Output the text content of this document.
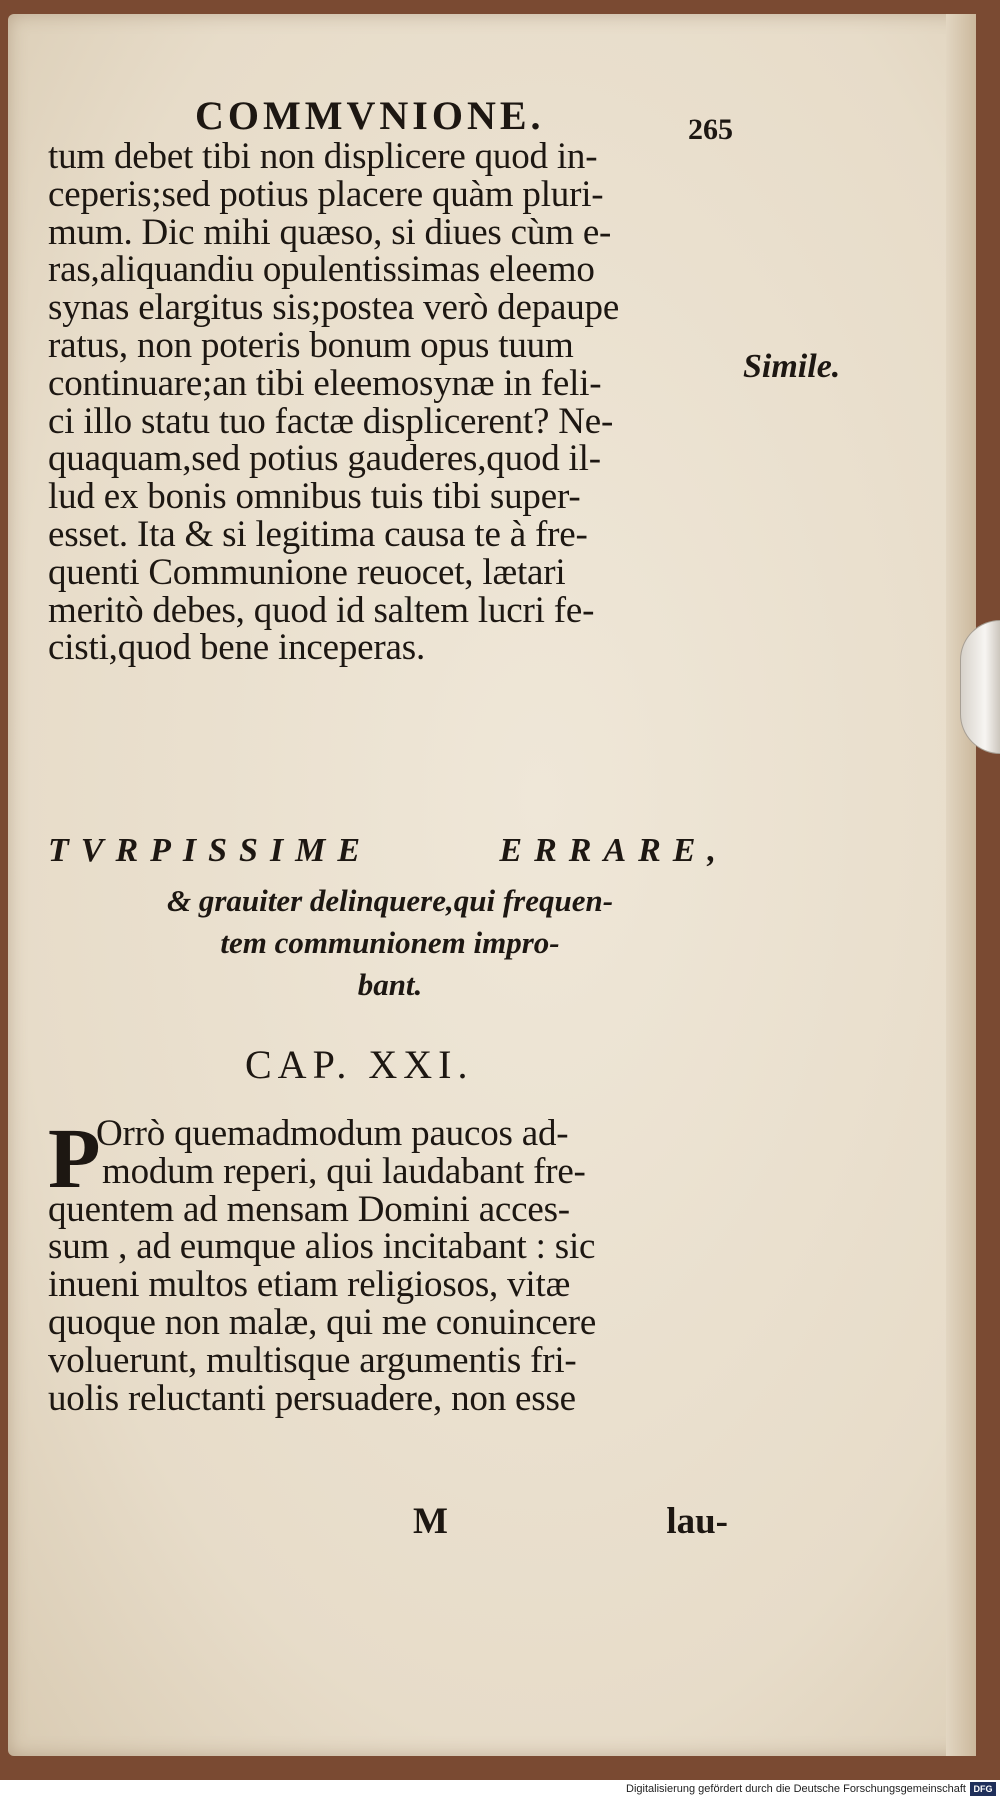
COMMVNIONE.	265
tum debet tibi non displicere quod in-
ceperis;sed potius placere quàm pluri-
mum. Dic mihi quæso, si diues cùm e-
ras,aliquandiu opulentissimas eleemo
synas elargitus sis;postea verò depaupe
ratus, non poteris bonum opus tuum
continuare;an tibi eleemosynæ in feli-
ci illo statu tuo factæ displicerent? Ne-
quaquam,sed potius gauderes,quod il-
lud ex bonis omnibus tuis tibi super-
esset. Ita & si legitima causa te à fre-
quenti Communione reuocet, lætari
meritò debes, quod id saltem lucri fe-
cisti,quod bene inceperas.
Simile.
TVRPISSIME	ERRARE,
& grauiter delinquere,qui frequen-
tem communionem impro-
bant.
CAP. XXI.
P
Orrò quemadmodum paucos ad-
modum reperi, qui laudabant fre-
quentem ad mensam Domini acces-
sum , ad eumque alios incitabant : sic
inueni multos etiam religiosos, vitæ
quoque non malæ, qui me conuincere
voluerunt, multisque argumentis fri-
uolis reluctanti persuadere, non esse
M	lau-
Digitalisierung gefördert durch die Deutsche Forschungsgemeinschaft DFG
